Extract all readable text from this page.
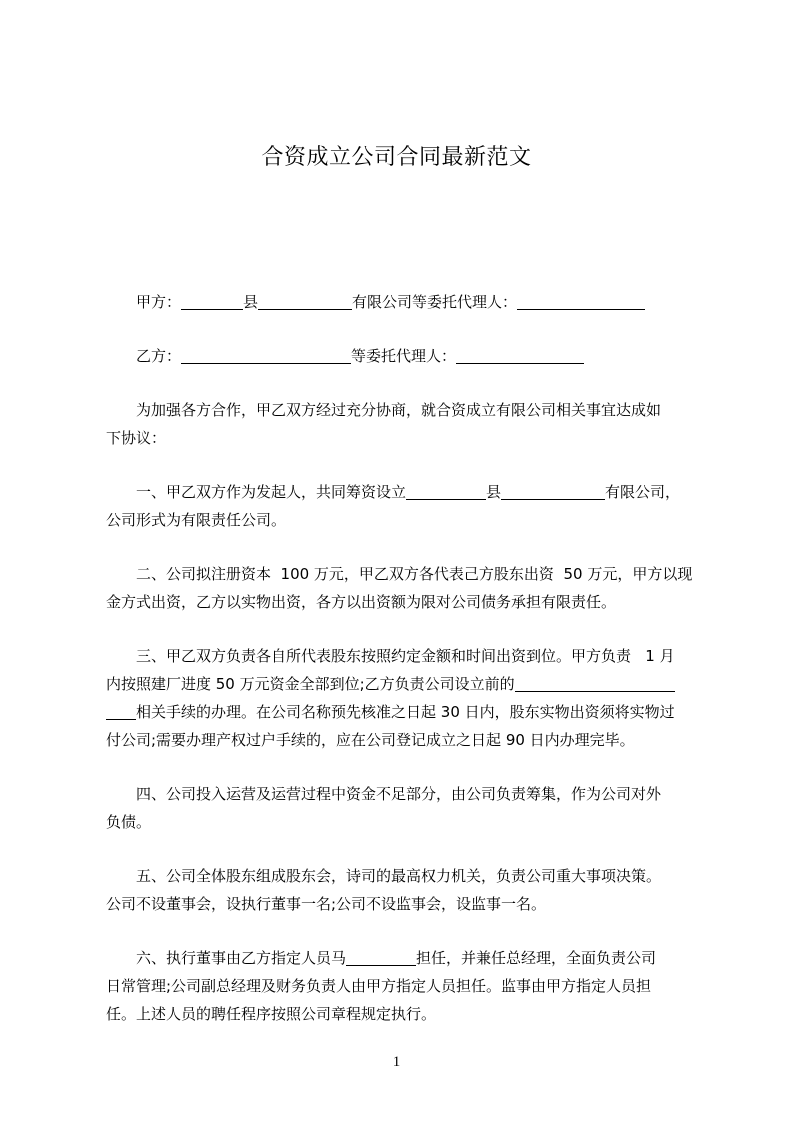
合资成立公司合同最新范文
甲方：	县	有限公司等委托代理人：
乙方：	等委托代理人：
为加强各方合作，甲乙双方经过充分协商，就合资成立有限公司相关事宜达成如
下协议：
一、甲乙双方作为发起人，共同筹资设立	县	有限公司，
公司形式为有限责任公司。
二、公司拟注册资本  100 万元，甲乙双方各代表己方股东出资  50 万元，甲方以现
金方式出资，乙方以实物出资，各方以出资额为限对公司债务承担有限责任。
三、甲乙双方负责各自所代表股东按照约定金额和时间出资到位。甲方负责   1 月
内按照建厂进度 50 万元资金全部到位;乙方负责公司设立前的
相关手续的办理。在公司名称预先核准之日起 30 日内，股东实物出资须将实物过
付公司;需要办理产权过户手续的，应在公司登记成立之日起 90 日内办理完毕。
四、公司投入运营及运营过程中资金不足部分，由公司负责筹集，作为公司对外
负债。
五、公司全体股东组成股东会，诗司的最高权力机关，负责公司重大事项决策。
公司不设董事会，设执行董事一名;公司不设监事会，设监事一名。
六、执行董事由乙方指定人员马	担任，并兼任总经理，全面负责公司
日常管理;公司副总经理及财务负责人由甲方指定人员担任。监事由甲方指定人员担
任。上述人员的聘任程序按照公司章程规定执行。
1
